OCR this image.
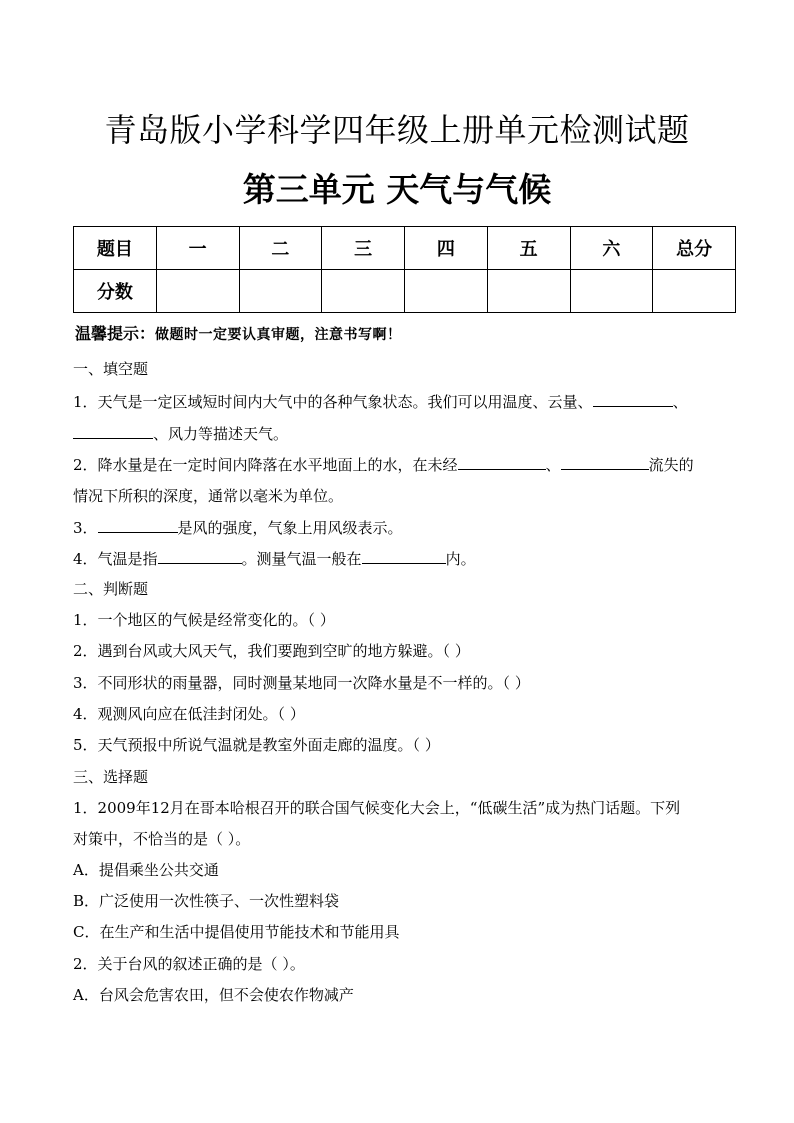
青岛版小学科学四年级上册单元检测试题
第三单元 天气与气候
题目	一	二	三	四	五	六	总分
分数							
温馨提示：做题时一定要认真审题，注意书写啊！
一、填空题
1．天气是一定区域短时间内大气中的各种气象状态。我们可以用温度、云量、	、
、风力等描述天气。
2．降水量是在一定时间内降落在水平地面上的水，在未经	、	流失的
情况下所积的深度，通常以毫米为单位。
3．	是风的强度，气象上用风级表示。
4．气温是指	。测量气温一般在	内。
二、判断题
1．一个地区的气候是经常变化的。（ ）
2．遇到台风或大风天气，我们要跑到空旷的地方躲避。（ ）
3．不同形状的雨量器，同时测量某地同一次降水量是不一样的。（ ）
4．观测风向应在低洼封闭处。（ ）
5．天气预报中所说气温就是教室外面走廊的温度。（ ）
三、选择题
1．2009年12月在哥本哈根召开的联合国气候变化大会上，“低碳生活”成为热门话题。下列
对策中，不恰当的是（ ）。
A．提倡乘坐公共交通
B．广泛使用一次性筷子、一次性塑料袋
C．在生产和生活中提倡使用节能技术和节能用具
2．关于台风的叙述正确的是（ ）。
A．台风会危害农田，但不会使农作物减产
